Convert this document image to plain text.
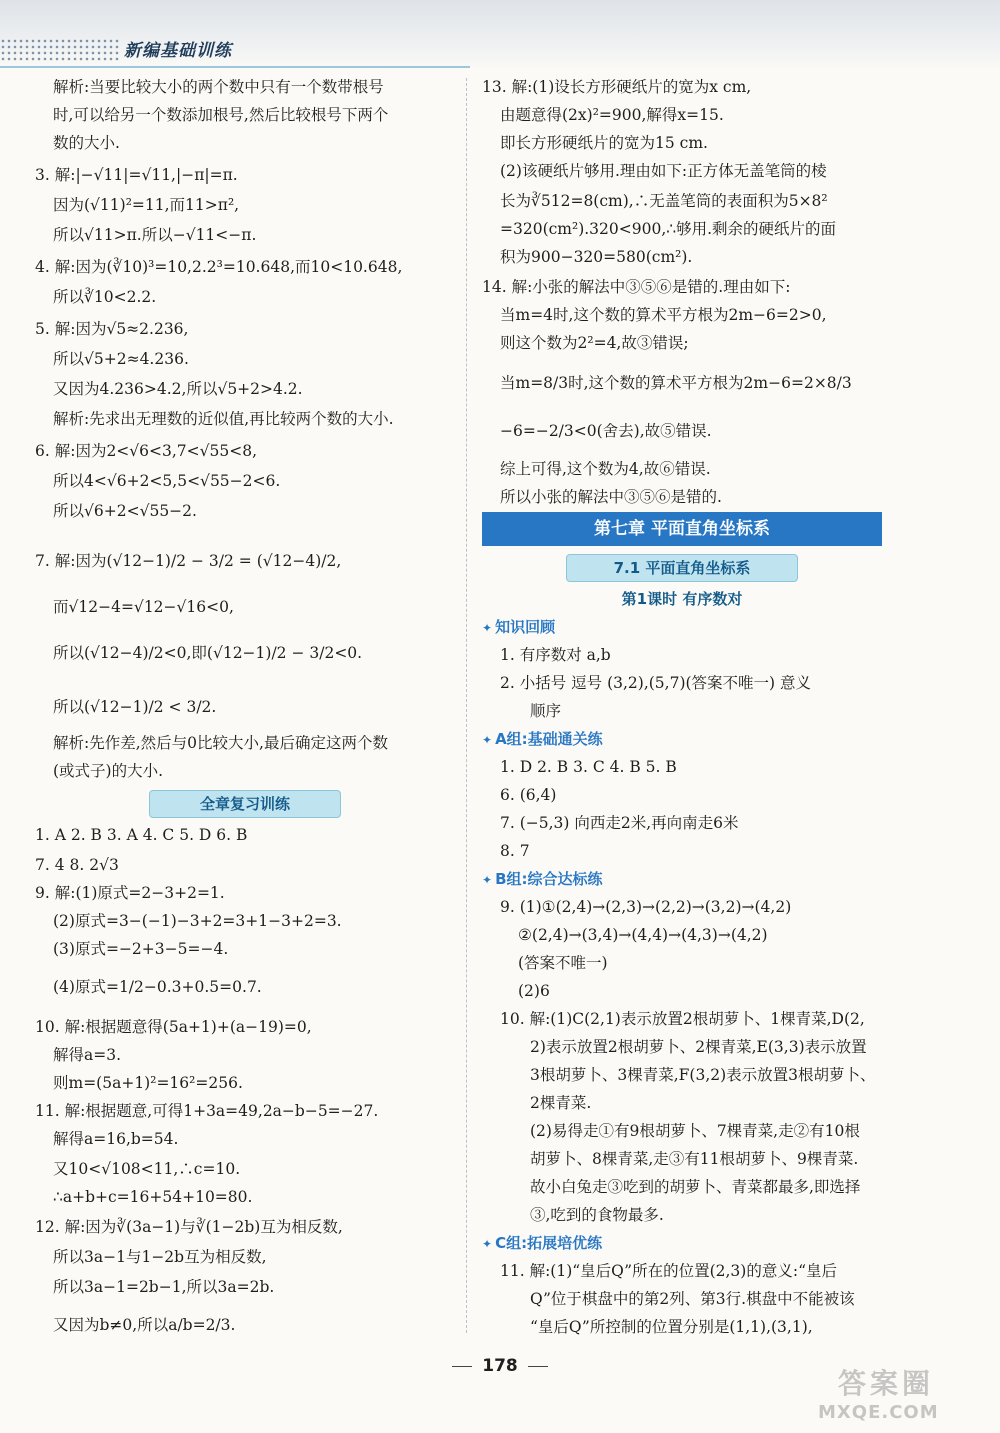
新编基础训练
解析:当要比较大小的两个数中只有一个数带根号
时,可以给另一个数添加根号,然后比较根号下两个
数的大小.
3. 解:|−√11|=√11,|−π|=π.
因为(√11)²=11,而11>π²,
所以√11>π.所以−√11<−π.
4. 解:因为(∛10)³=10,2.2³=10.648,而10<10.648,
所以∛10<2.2.
5. 解:因为√5≈2.236,
所以√5+2≈4.236.
又因为4.236>4.2,所以√5+2>4.2.
解析:先求出无理数的近似值,再比较两个数的大小.
6. 解:因为2<√6<3,7<√55<8,
所以4<√6+2<5,5<√55−2<6.
所以√6+2<√55−2.
7. 解:因为(√12−1)/2 − 3/2 = (√12−4)/2,
而√12−4=√12−√16<0,
所以(√12−4)/2<0,即(√12−1)/2 − 3/2<0.
所以(√12−1)/2 < 3/2.
解析:先作差,然后与0比较大小,最后确定这两个数
(或式子)的大小.
全章复习训练
1. A 2. B 3. A 4. C 5. D 6. B
7. 4 8. 2√3
9. 解:(1)原式=2−3+2=1.
(2)原式=3−(−1)−3+2=3+1−3+2=3.
(3)原式=−2+3−5=−4.
(4)原式=1/2−0.3+0.5=0.7.
10. 解:根据题意得(5a+1)+(a−19)=0,
解得a=3.
则m=(5a+1)²=16²=256.
11. 解:根据题意,可得1+3a=49,2a−b−5=−27.
解得a=16,b=54.
又10<√108<11,∴c=10.
∴a+b+c=16+54+10=80.
12. 解:因为∛(3a−1)与∛(1−2b)互为相反数,
所以3a−1与1−2b互为相反数,
所以3a−1=2b−1,所以3a=2b.
又因为b≠0,所以a/b=2/3.
13. 解:(1)设长方形硬纸片的宽为x cm,
由题意得(2x)²=900,解得x=15.
即长方形硬纸片的宽为15 cm.
(2)该硬纸片够用.理由如下:正方体无盖笔筒的棱
长为∛512=8(cm),∴无盖笔筒的表面积为5×8²
=320(cm²).320<900,∴够用.剩余的硬纸片的面
积为900−320=580(cm²).
14. 解:小张的解法中③⑤⑥是错的.理由如下:
当m=4时,这个数的算术平方根为2m−6=2>0,
则这个数为2²=4,故③错误;
当m=8/3时,这个数的算术平方根为2m−6=2×8/3
−6=−2/3<0(舍去),故⑤错误.
综上可得,这个数为4,故⑥错误.
所以小张的解法中③⑤⑥是错的.
第七章 平面直角坐标系
7.1 平面直角坐标系
第1课时 有序数对
✦ 知识回顾
1. 有序数对 a,b
2. 小括号 逗号 (3,2),(5,7)(答案不唯一) 意义
顺序
✦ A组:基础通关练
1. D 2. B 3. C 4. B 5. B
6. (6,4)
7. (−5,3) 向西走2米,再向南走6米
8. 7
✦ B组:综合达标练
9. (1)①(2,4)→(2,3)→(2,2)→(3,2)→(4,2)
②(2,4)→(3,4)→(4,4)→(4,3)→(4,2)
(答案不唯一)
(2)6
10. 解:(1)C(2,1)表示放置2根胡萝卜、1棵青菜,D(2,
2)表示放置2根胡萝卜、2棵青菜,E(3,3)表示放置
3根胡萝卜、3棵青菜,F(3,2)表示放置3根胡萝卜、
2棵青菜.
(2)易得走①有9根胡萝卜、7棵青菜,走②有10根
胡萝卜、8棵青菜,走③有11根胡萝卜、9棵青菜.
故小白兔走③吃到的胡萝卜、青菜都最多,即选择
③,吃到的食物最多.
✦ C组:拓展培优练
11. 解:(1)“皇后Q”所在的位置(2,3)的意义:“皇后
Q”位于棋盘中的第2列、第3行.棋盘中不能被该
“皇后Q”所控制的位置分别是(1,1),(3,1),
178
答案圈
MXQE.COM
